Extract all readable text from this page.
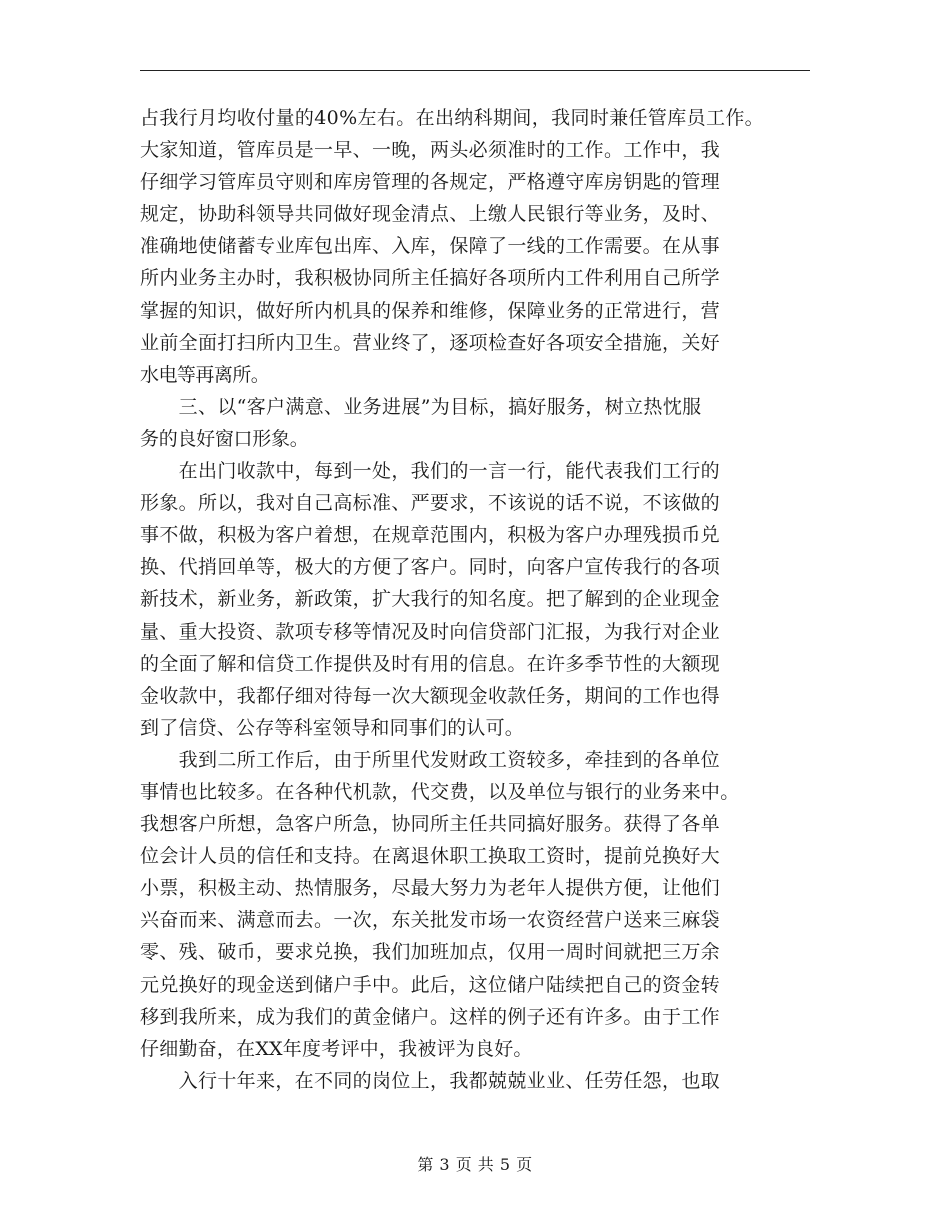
占我行月均收付量的40%左右。在出纳科期间，我同时兼任管库员工作。
大家知道，管库员是一早、一晚，两头必须准时的工作。工作中，我
仔细学习管库员守则和库房管理的各规定，严格遵守库房钥匙的管理
规定，协助科领导共同做好现金清点、上缴人民银行等业务，及时、
准确地使储蓄专业库包出库、入库，保障了一线的工作需要。在从事
所内业务主办时，我积极协同所主任搞好各项所内工件利用自己所学
掌握的知识，做好所内机具的保养和维修，保障业务的正常进行，营
业前全面打扫所内卫生。营业终了，逐项检查好各项安全措施，关好
水电等再离所。
　　三、以“客户满意、业务进展”为目标，搞好服务，树立热忱服
务的良好窗口形象。
　　在出门收款中，每到一处，我们的一言一行，能代表我们工行的
形象。所以，我对自己高标准、严要求，不该说的话不说，不该做的
事不做，积极为客户着想，在规章范围内，积极为客户办理残损币兑
换、代捎回单等，极大的方便了客户。同时，向客户宣传我行的各项
新技术，新业务，新政策，扩大我行的知名度。把了解到的企业现金
量、重大投资、款项专移等情况及时向信贷部门汇报，为我行对企业
的全面了解和信贷工作提供及时有用的信息。在许多季节性的大额现
金收款中，我都仔细对待每一次大额现金收款任务，期间的工作也得
到了信贷、公存等科室领导和同事们的认可。
　　我到二所工作后，由于所里代发财政工资较多，牵挂到的各单位
事情也比较多。在各种代机款，代交费，以及单位与银行的业务来中。
我想客户所想，急客户所急，协同所主任共同搞好服务。获得了各单
位会计人员的信任和支持。在离退休职工换取工资时，提前兑换好大
小票，积极主动、热情服务，尽最大努力为老年人提供方便，让他们
兴奋而来、满意而去。一次，东关批发市场一农资经营户送来三麻袋
零、残、破币，要求兑换，我们加班加点，仅用一周时间就把三万余
元兑换好的现金送到储户手中。此后，这位储户陆续把自己的资金转
移到我所来，成为我们的黄金储户。这样的例子还有许多。由于工作
仔细勤奋，在XX年度考评中，我被评为良好。
　　入行十年来，在不同的岗位上，我都兢兢业业、任劳任怨，也取
第 3 页 共 5 页
